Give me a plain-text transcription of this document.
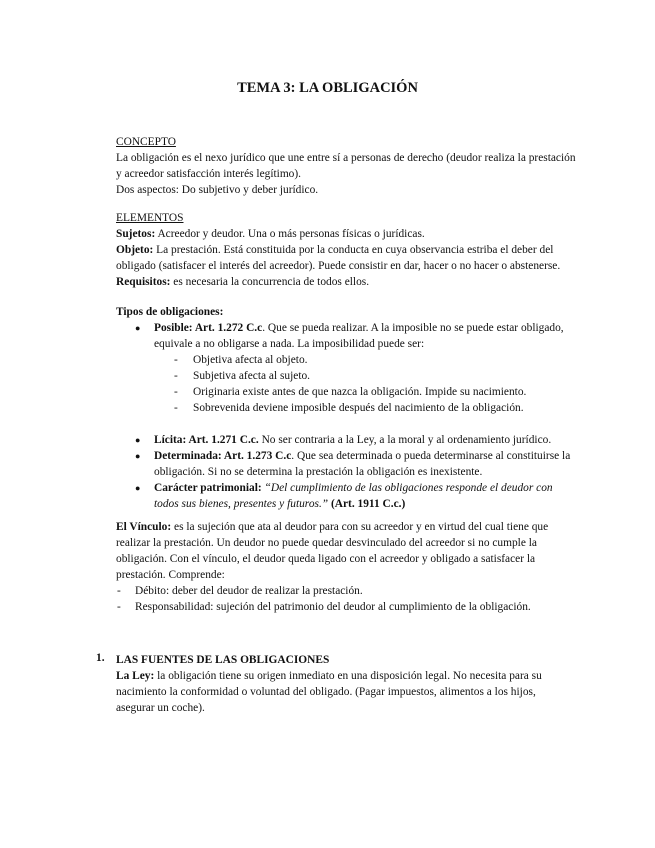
TEMA 3: LA OBLIGACIÓN

CONCEPTO

La obligación es el nexo jurídico que une entre sí a personas de derecho (deudor realiza la prestación y acreedor satisfacción interés legítimo).

Dos aspectos: Do subjetivo y deber jurídico.

ELEMENTOS

Sujetos: Acreedor y deudor. Una o más personas físicas o jurídicas.

Objeto: La prestación. Está constituida por la conducta en cuya observancia estriba el deber del obligado (satisfacer el interés del acreedor). Puede consistir en dar, hacer o no hacer o abstenerse.

Requisitos: es necesaria la concurrencia de todos ellos.

Tipos de obligaciones:

● Posible: Art. 1.272 C.c. Que se pueda realizar. A la imposible no se puede estar obligado, equivale a no obligarse a nada. La imposibilidad puede ser:
- Objetiva afecta al objeto.
- Subjetiva afecta al sujeto.
- Originaria existe antes de que nazca la obligación. Impide su nacimiento.
- Sobrevenida deviene imposible después del nacimiento de la obligación.
● Lícita: Art. 1.271 C.c. No ser contraria a la Ley, a la moral y al ordenamiento jurídico.
● Determinada: Art. 1.273 C.c. Que sea determinada o pueda determinarse al constituirse la obligación. Si no se determina la prestación la obligación es inexistente.
● Carácter patrimonial: “Del cumplimiento de las obligaciones responde el deudor con todos sus bienes, presentes y futuros.” (Art. 1911 C.c.)

El Vínculo: es la sujeción que ata al deudor para con su acreedor y en virtud del cual tiene que realizar la prestación. Un deudor no puede quedar desvinculado del acreedor si no cumple la obligación. Con el vínculo, el deudor queda ligado con el acreedor y obligado a satisfacer la prestación. Comprende:

- Débito: deber del deudor de realizar la prestación.
- Responsabilidad: sujeción del patrimonio del deudor al cumplimiento de la obligación.
1. LAS FUENTES DE LAS OBLIGACIONES

La Ley: la obligación tiene su origen inmediato en una disposición legal. No necesita para su nacimiento la conformidad o voluntad del obligado. (Pagar impuestos, alimentos a los hijos, asegurar un coche).
